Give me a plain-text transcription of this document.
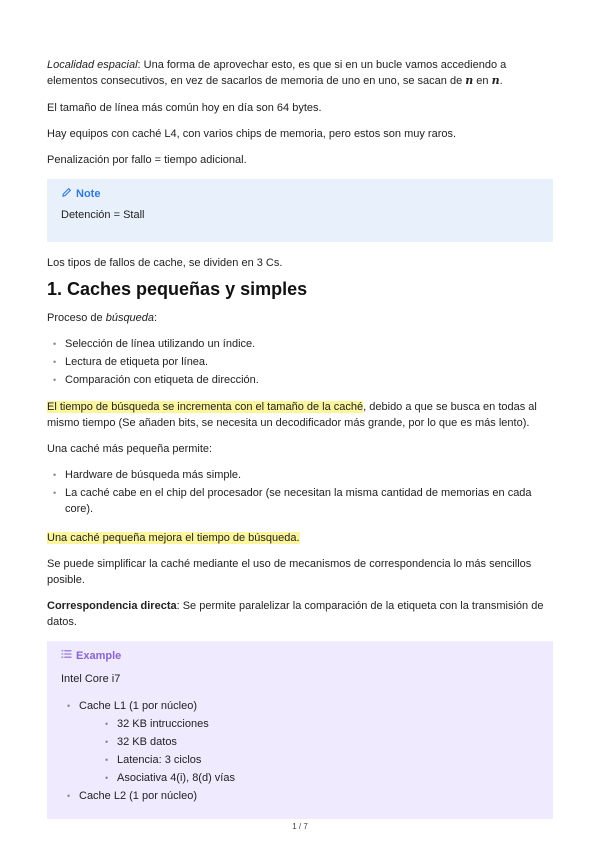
Localidad espacial: Una forma de aprovechar esto, es que si en un bucle vamos accediendo a elementos consecutivos, en vez de sacarlos de memoria de uno en uno, se sacan de n en n.

El tamaño de línea más común hoy en día son 64 bytes.

Hay equipos con caché L4, con varios chips de memoria, pero estos son muy raros.

Penalización por fallo = tiempo adicional.

Note
Detención = Stall

Los tipos de fallos de cache, se dividen en 3 Cs.

1. Caches pequeñas y simples

Proceso de búsqueda:

• Selección de línea utilizando un índice.
• Lectura de etiqueta por línea.
• Comparación con etiqueta de dirección.

El tiempo de búsqueda se incrementa con el tamaño de la caché, debido a que se busca en todas al mismo tiempo (Se añaden bits, se necesita un decodificador más grande, por lo que es más lento).

Una caché más pequeña permite:

• Hardware de búsqueda más simple.
• La caché cabe en el chip del procesador (se necesitan la misma cantidad de memorias en cada core).

Una caché pequeña mejora el tiempo de búsqueda.

Se puede simplificar la caché mediante el uso de mecanismos de correspondencia lo más sencillos posible.

Correspondencia directa: Se permite paralelizar la comparación de la etiqueta con la transmisión de datos.

Example
Intel Core i7
• Cache L1 (1 por núcleo)
• 32 KB intrucciones
• 32 KB datos
• Latencia: 3 ciclos
• Asociativa 4(i), 8(d) vías
• Cache L2 (1 por núcleo)
1 / 7
